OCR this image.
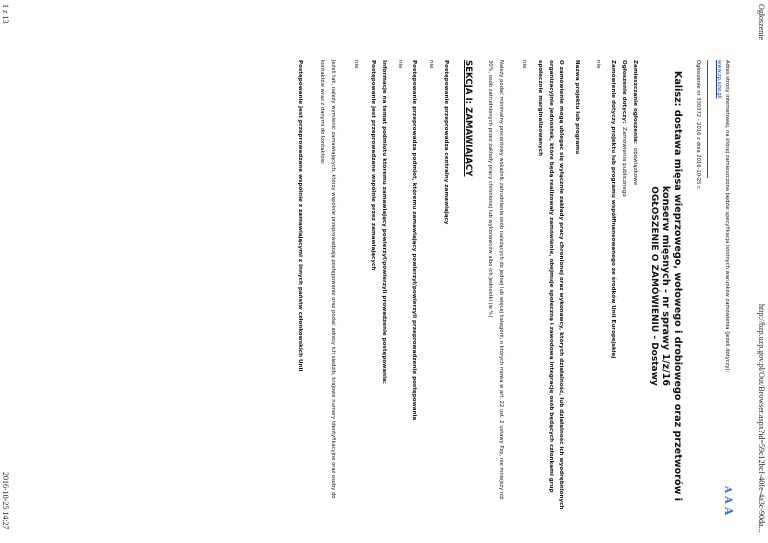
Ogłoszenie
http://bzp.uzp.gov.pl/Out/Browser.aspx?id=59c12bcf-40fe-4a3c-90da...
A
A
A

Adres strony internetowej, na której zamieszczona będzie specyfikacja istotnych warunków zamówienia (jeżeli dotyczy):

www.zp.szw.gil

Ogłoszenie nr 330372 - 2016 z dnia 2016-10-25 r.

Kalisz: dostawa mięsa wieprzowego, wołowego i drobiowego oraz przetworów i konserw mięsnych - nr sprawy 1/z/16

OGŁOSZENIE O ZAMÓWIENIU - Dostawy

Zamieszczanie ogłoszenia: obowiązkowe

Ogłoszenie dotyczy: Zamówienia publicznego

Zamówienie dotyczy projektu lub programu współfinansowanego ze środków Unii Europejskiej

nie

Nazwa projektu lub programu

O zamówienie mogą ubiegać się wyłącznie zakłady pracy chronionej oraz wykonawcy, których działalność, lub działalność ich wyodrębnionych organizacyjnie jednostek, które będą realizowały zamówienie, obejmuje społeczną i zawodową integrację osób będących członkami grup społecznie marginalizowanych

nie

Należy podać minimalny procentowy wskaźnik zatrudnienia osób należących do jednej lub więcej kategorii, o których mowa w art. 22 ust. 2 ustawy Pzp, nie mniejszy niż 30%, osób zatrudnionych przez zakłady pracy chronionej lub wykonawców albo ich jednostki (w %)

SEKCJA I: ZAMAWIAJĄCY

Postępowanie przeprowadza centralny zamawiający

nie

Postępowanie przeprowadza podmiot, któremu zamawiający powierzył/powierzyli przeprowadzenie postępowania

nie

Informacje na temat podmiotu któremu zamawiający powierzył/powierzyli prowadzenie postępowania:

Postępowanie jest przeprowadzane wspólnie przez zamawiających

nie

Jeżeli tak, należy wymienić zamawiających, którzy wspólnie przeprowadzają postępowanie oraz podać adresy ich siedzib, krajowe numery identyfikacyjne oraz osoby do kontaktów wraz z danymi do kontaktów:

Postępowanie jest przeprowadzane wspólnie z zamawiającymi z innych państw członkowskich Unii

1 z 13
2016-10-25 14:27
